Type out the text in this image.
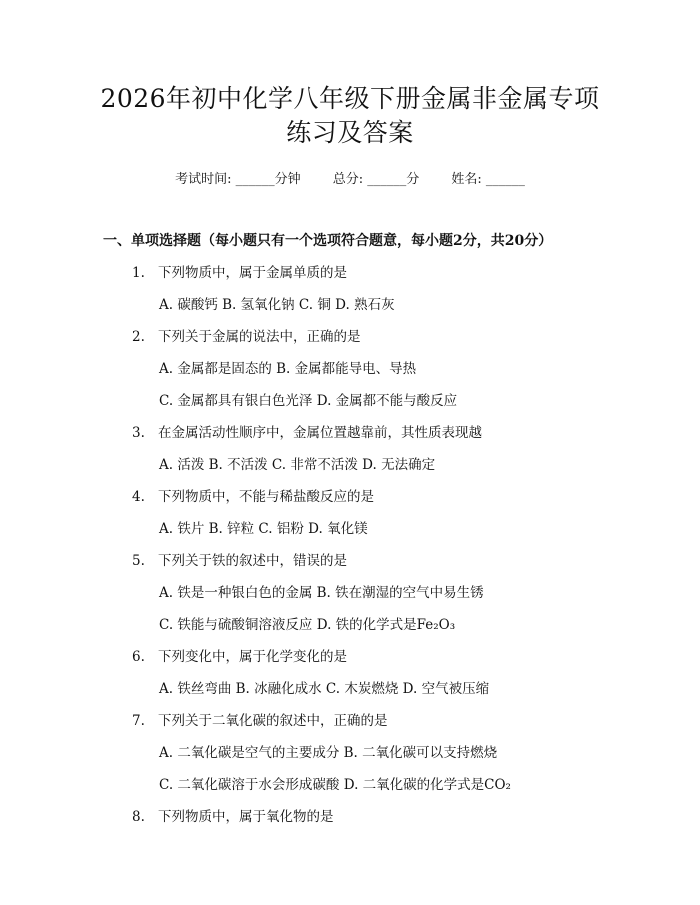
2026年初中化学八年级下册金属非金属专项
练习及答案
考试时间: ______分钟 总分: ______分 姓名: ______
一、单项选择题（每小题只有一个选项符合题意，每小题2分，共20分）
1. 下列物质中，属于金属单质的是
A. 碳酸钙 B. 氢氧化钠 C. 铜 D. 熟石灰
2. 下列关于金属的说法中，正确的是
A. 金属都是固态的 B. 金属都能导电、导热
C. 金属都具有银白色光泽 D. 金属都不能与酸反应
3. 在金属活动性顺序中，金属位置越靠前，其性质表现越
A. 活泼 B. 不活泼 C. 非常不活泼 D. 无法确定
4. 下列物质中，不能与稀盐酸反应的是
A. 铁片 B. 锌粒 C. 铝粉 D. 氧化镁
5. 下列关于铁的叙述中，错误的是
A. 铁是一种银白色的金属 B. 铁在潮湿的空气中易生锈
C. 铁能与硫酸铜溶液反应 D. 铁的化学式是Fe₂O₃
6. 下列变化中，属于化学变化的是
A. 铁丝弯曲 B. 冰融化成水 C. 木炭燃烧 D. 空气被压缩
7. 下列关于二氧化碳的叙述中，正确的是
A. 二氧化碳是空气的主要成分 B. 二氧化碳可以支持燃烧
C. 二氧化碳溶于水会形成碳酸 D. 二氧化碳的化学式是CO₂
8. 下列物质中，属于氧化物的是
